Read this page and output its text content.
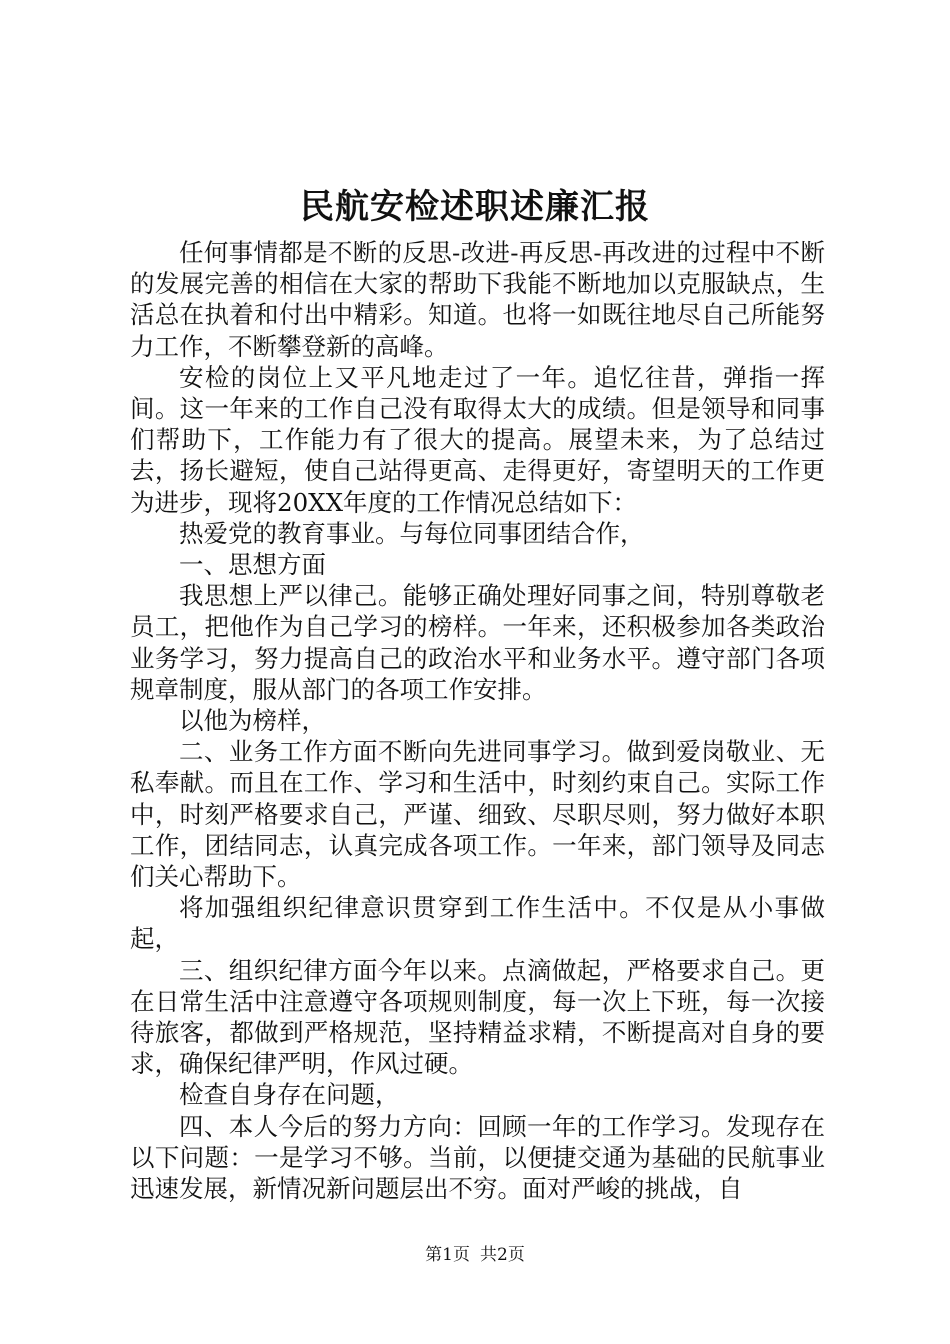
民航安检述职述廉汇报

任何事情都是不断的反思-改进-再反思-再改进的过程中不断的发展完善的相信在大家的帮助下我能不断地加以克服缺点，生活总在执着和付出中精彩。知道。也将一如既往地尽自己所能努力工作，不断攀登新的高峰。

安检的岗位上又平凡地走过了一年。追忆往昔，弹指一挥间。这一年来的工作自己没有取得太大的成绩。但是领导和同事们帮助下，工作能力有了很大的提高。展望未来，为了总结过去，扬长避短，使自己站得更高、走得更好，寄望明天的工作更为进步，现将20XX年度的工作情况总结如下：

热爱党的教育事业。与每位同事团结合作，

一、思想方面

我思想上严以律己。能够正确处理好同事之间，特别尊敬老员工，把他作为自己学习的榜样。一年来，还积极参加各类政治业务学习，努力提高自己的政治水平和业务水平。遵守部门各项规章制度，服从部门的各项工作安排。

以他为榜样，

二、业务工作方面不断向先进同事学习。做到爱岗敬业、无私奉献。而且在工作、学习和生活中，时刻约束自己。实际工作中，时刻严格要求自己，严谨、细致、尽职尽则，努力做好本职工作，团结同志，认真完成各项工作。一年来，部门领导及同志们关心帮助下。

将加强组织纪律意识贯穿到工作生活中。不仅是从小事做起，

三、组织纪律方面今年以来。点滴做起，严格要求自己。更在日常生活中注意遵守各项规则制度，每一次上下班，每一次接待旅客，都做到严格规范，坚持精益求精，不断提高对自身的要求，确保纪律严明，作风过硬。

检查自身存在问题，

四、本人今后的努力方向：回顾一年的工作学习。发现存在以下问题：一是学习不够。当前，以便捷交通为基础的民航事业迅速发展，新情况新问题层出不穷。面对严峻的挑战，自

第1页 共2页
